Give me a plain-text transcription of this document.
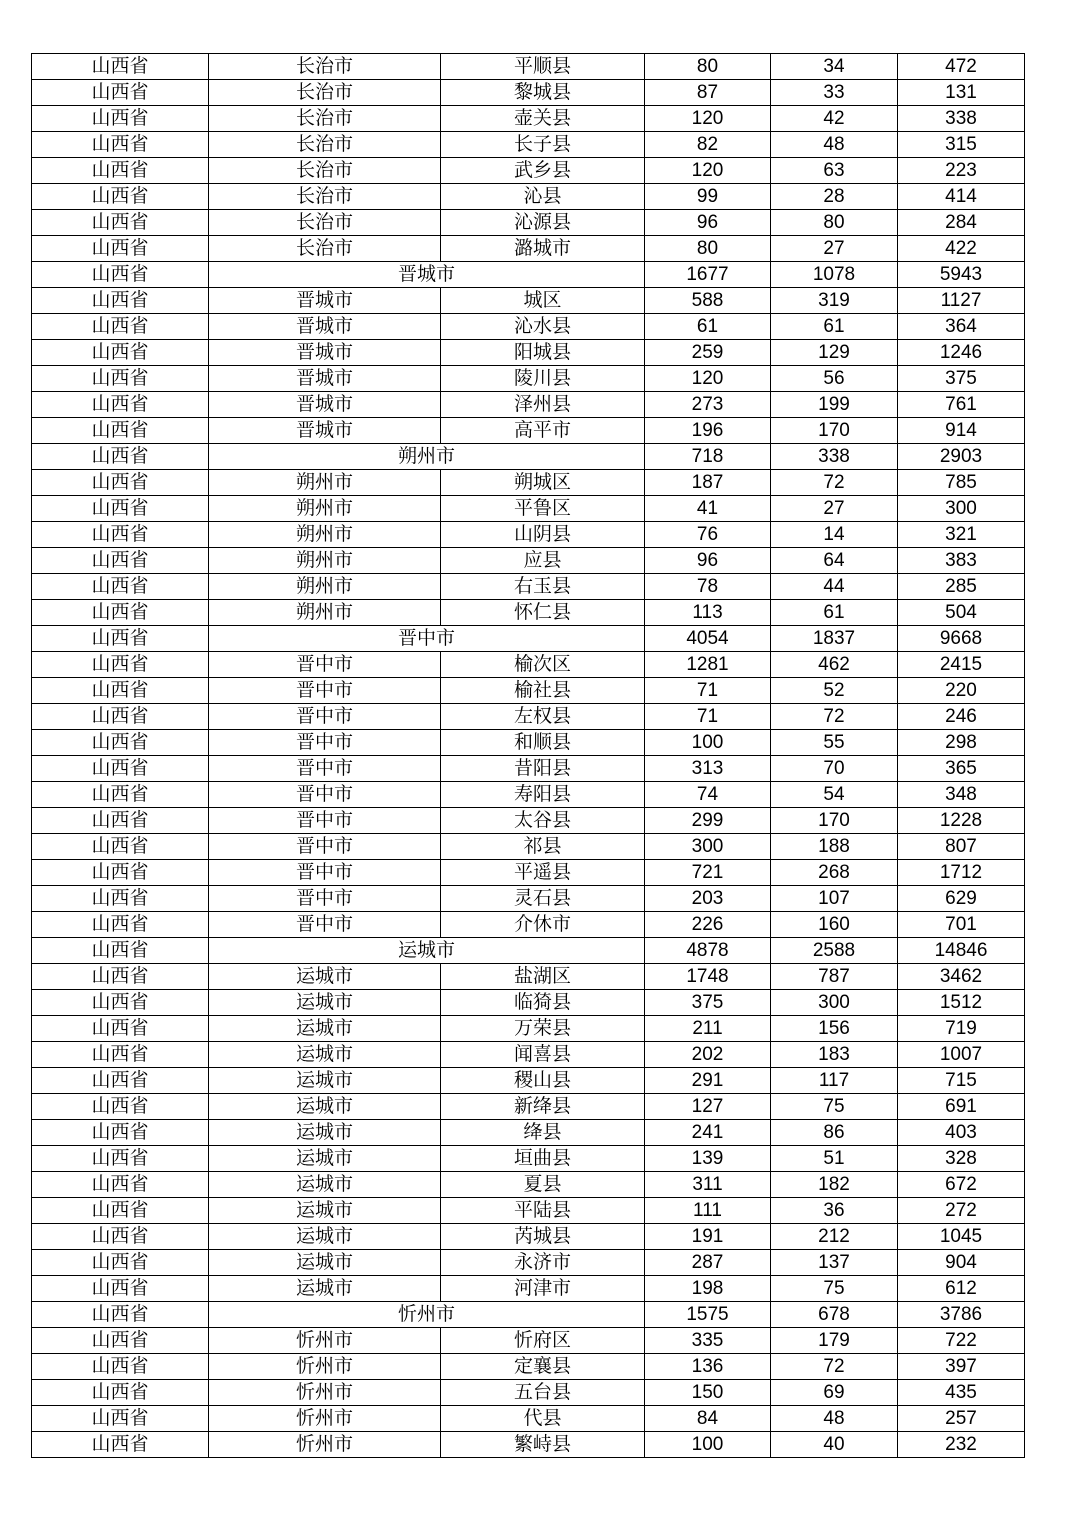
山西省	长治市	平顺县	80	34	472
山西省	长治市	黎城县	87	33	131
山西省	长治市	壶关县	120	42	338
山西省	长治市	长子县	82	48	315
山西省	长治市	武乡县	120	63	223
山西省	长治市	沁县	99	28	414
山西省	长治市	沁源县	96	80	284
山西省	长治市	潞城市	80	27	422
山西省	晋城市		1677	1078	5943
山西省	晋城市	城区	588	319	1127
山西省	晋城市	沁水县	61	61	364
山西省	晋城市	阳城县	259	129	1246
山西省	晋城市	陵川县	120	56	375
山西省	晋城市	泽州县	273	199	761
山西省	晋城市	高平市	196	170	914
山西省	朔州市		718	338	2903
山西省	朔州市	朔城区	187	72	785
山西省	朔州市	平鲁区	41	27	300
山西省	朔州市	山阴县	76	14	321
山西省	朔州市	应县	96	64	383
山西省	朔州市	右玉县	78	44	285
山西省	朔州市	怀仁县	113	61	504
山西省	晋中市		4054	1837	9668
山西省	晋中市	榆次区	1281	462	2415
山西省	晋中市	榆社县	71	52	220
山西省	晋中市	左权县	71	72	246
山西省	晋中市	和顺县	100	55	298
山西省	晋中市	昔阳县	313	70	365
山西省	晋中市	寿阳县	74	54	348
山西省	晋中市	太谷县	299	170	1228
山西省	晋中市	祁县	300	188	807
山西省	晋中市	平遥县	721	268	1712
山西省	晋中市	灵石县	203	107	629
山西省	晋中市	介休市	226	160	701
山西省	运城市		4878	2588	14846
山西省	运城市	盐湖区	1748	787	3462
山西省	运城市	临猗县	375	300	1512
山西省	运城市	万荣县	211	156	719
山西省	运城市	闻喜县	202	183	1007
山西省	运城市	稷山县	291	117	715
山西省	运城市	新绛县	127	75	691
山西省	运城市	绛县	241	86	403
山西省	运城市	垣曲县	139	51	328
山西省	运城市	夏县	311	182	672
山西省	运城市	平陆县	111	36	272
山西省	运城市	芮城县	191	212	1045
山西省	运城市	永济市	287	137	904
山西省	运城市	河津市	198	75	612
山西省	忻州市		1575	678	3786
山西省	忻州市	忻府区	335	179	722
山西省	忻州市	定襄县	136	72	397
山西省	忻州市	五台县	150	69	435
山西省	忻州市	代县	84	48	257
山西省	忻州市	繁峙县	100	40	232
